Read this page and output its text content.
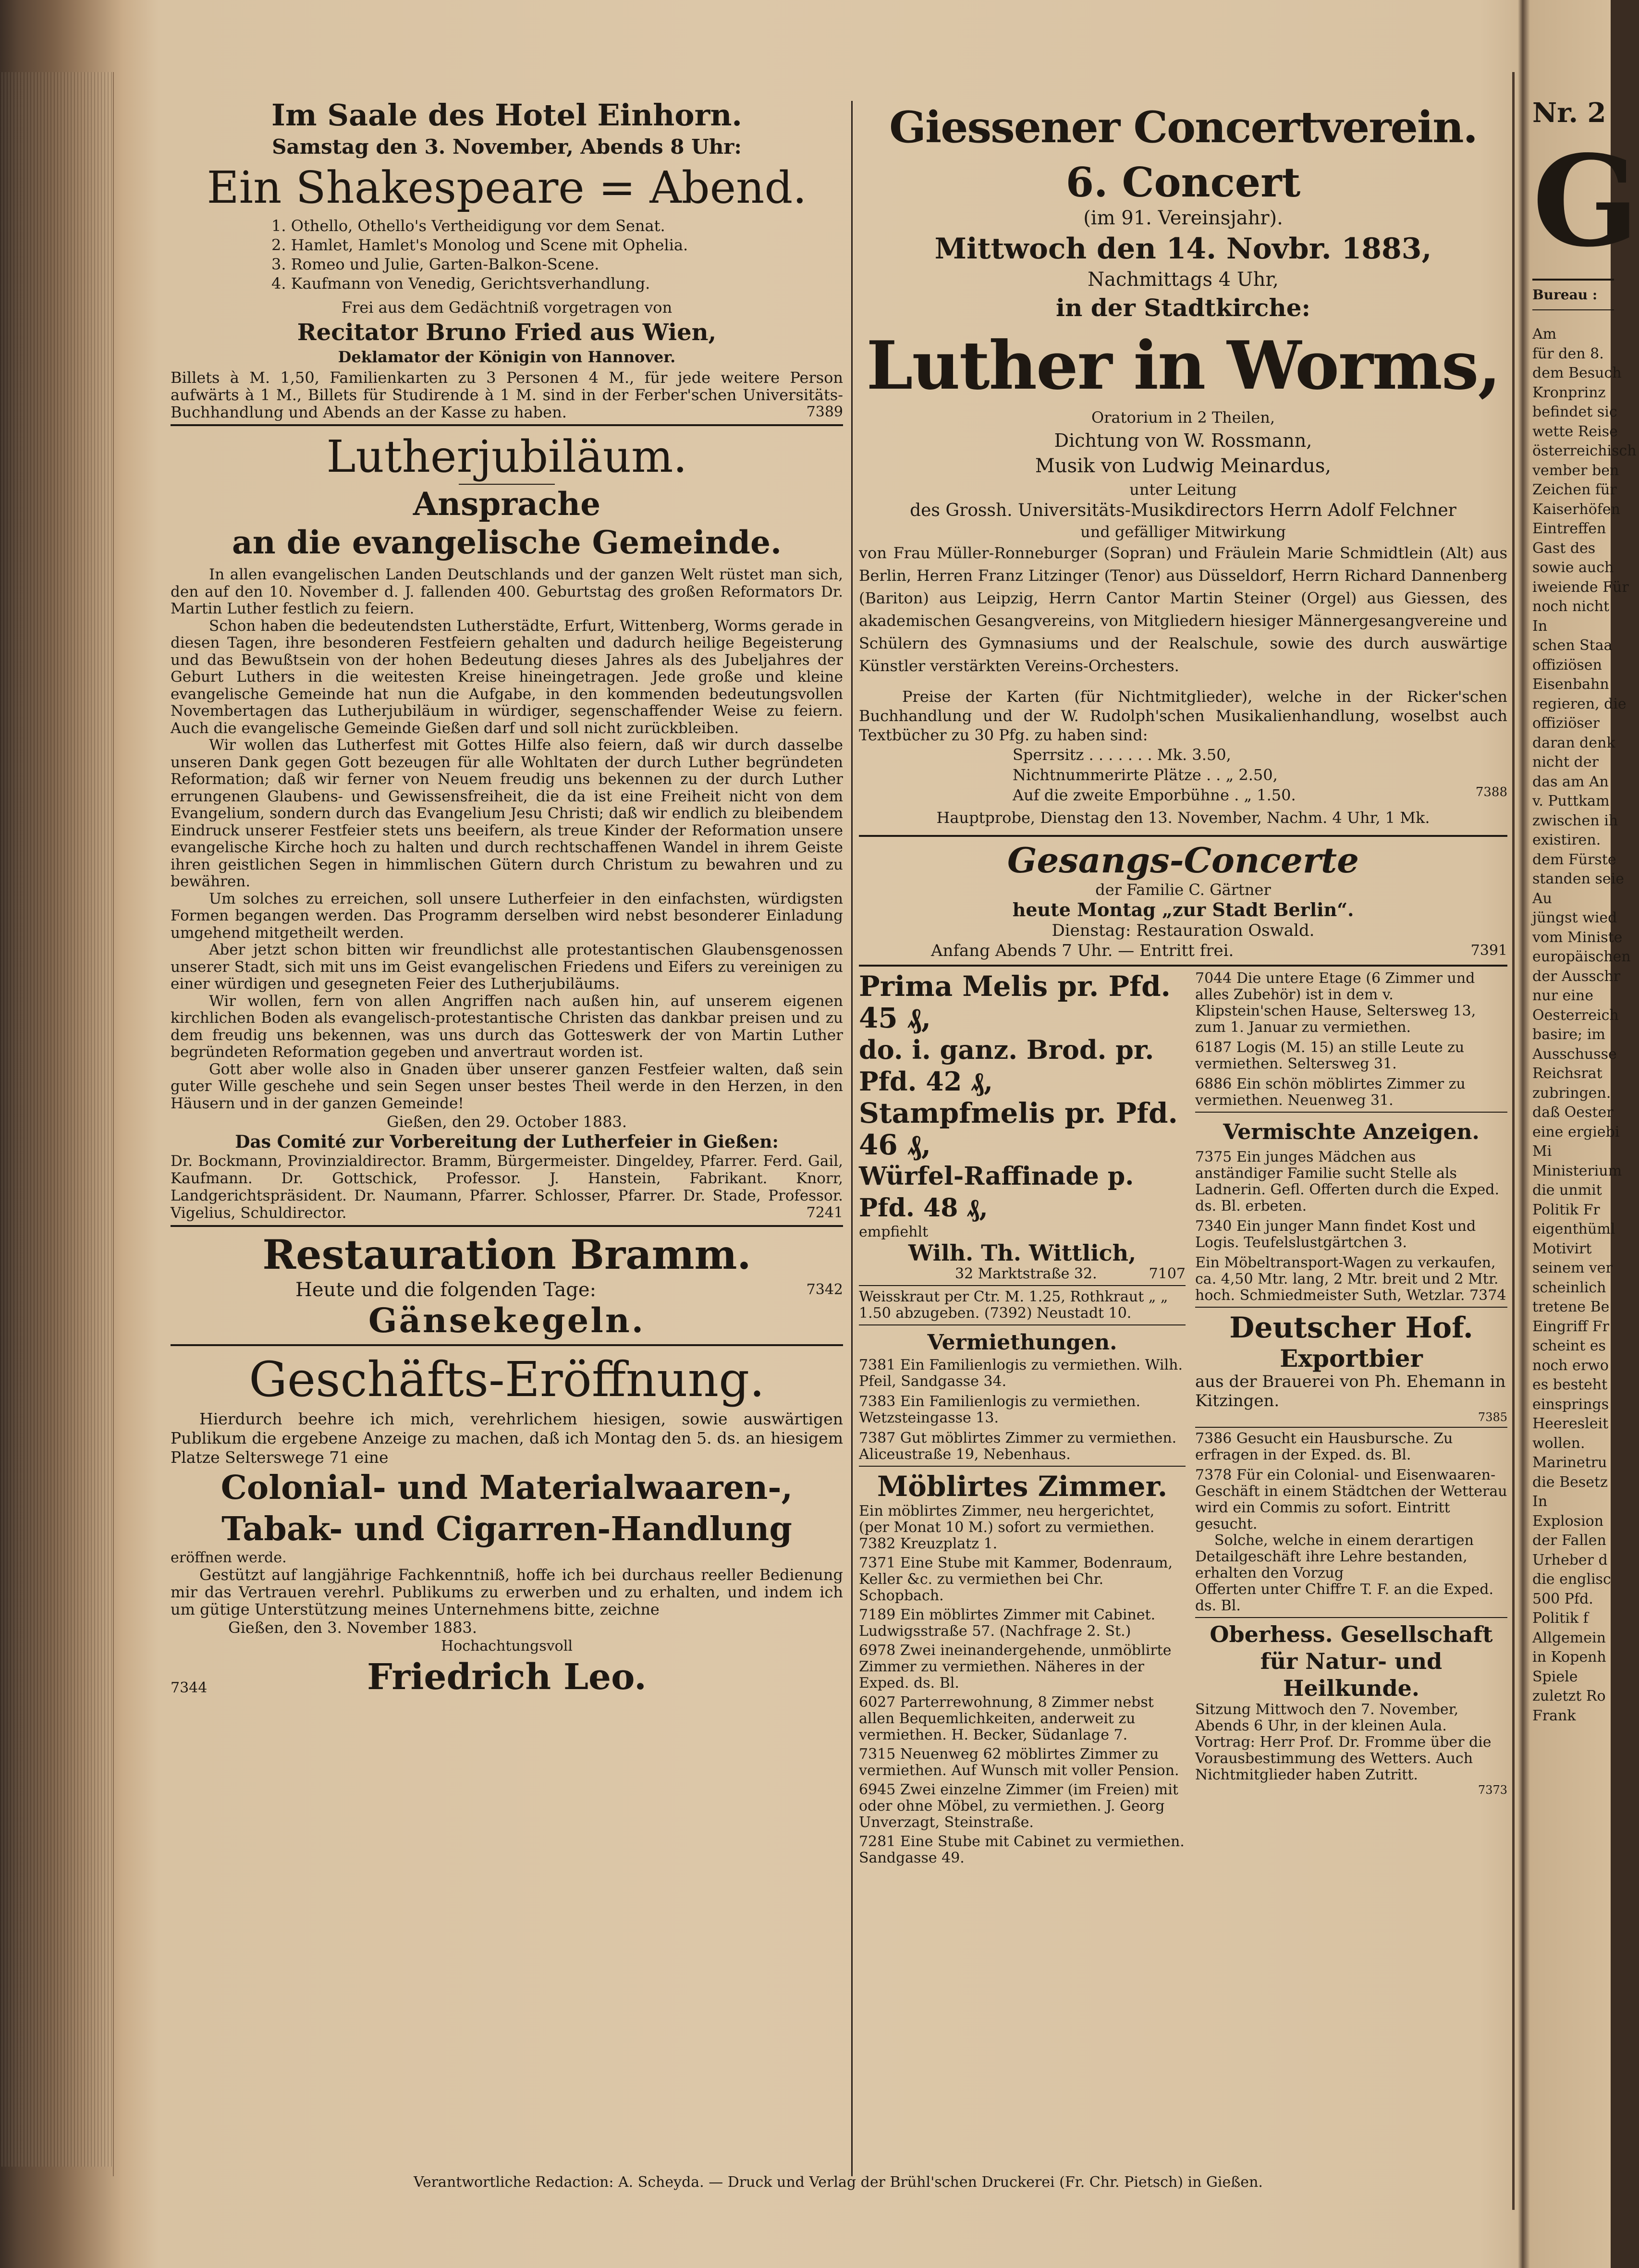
Im Saale des Hotel Einhorn.

Samstag den 3. November, Abends 8 Uhr:

Ein Shakespeare = Abend.

1. Othello, Othello's Vertheidigung vor dem Senat.

2. Hamlet, Hamlet's Monolog und Scene mit Ophelia.

3. Romeo und Julie, Garten-Balkon-Scene.

4. Kaufmann von Venedig, Gerichtsverhandlung.

Frei aus dem Gedächtniß vorgetragen von

Recitator Bruno Fried aus Wien,

Deklamator der Königin von Hannover.

Billets à M. 1,50, Familienkarten zu 3 Personen 4 M., für jede weitere Person aufwärts à 1 M., Billets für Studirende à 1 M. sind in der Ferber'schen Universitäts-Buchhandlung und Abends an der Kasse zu haben.	7389

Lutherjubiläum.

Ansprache

an die evangelische Gemeinde.

In allen evangelischen Landen Deutschlands und der ganzen Welt rüstet man sich, den auf den 10. November d. J. fallenden 400. Geburtstag des großen Reformators Dr. Martin Luther festlich zu feiern.

Schon haben die bedeutendsten Lutherstädte, Erfurt, Wittenberg, Worms gerade in diesen Tagen, ihre besonderen Festfeiern gehalten und dadurch heilige Begeisterung und das Bewußtsein von der hohen Bedeutung dieses Jahres als des Jubeljahres der Geburt Luthers in die weitesten Kreise hineingetragen. Jede große und kleine evangelische Gemeinde hat nun die Aufgabe, in den kommenden bedeutungsvollen Novembertagen das Lutherjubiläum in würdiger, segenschaffender Weise zu feiern. Auch die evangelische Gemeinde Gießen darf und soll nicht zurückbleiben.

Wir wollen das Lutherfest mit Gottes Hilfe also feiern, daß wir durch dasselbe unseren Dank gegen Gott bezeugen für alle Wohltaten der durch Luther begründeten Reformation; daß wir ferner von Neuem freudig uns bekennen zu der durch Luther errungenen Glaubens- und Gewissensfreiheit, die da ist eine Freiheit nicht von dem Evangelium, sondern durch das Evangelium Jesu Christi; daß wir endlich zu bleibendem Eindruck unserer Festfeier stets uns beeifern, als treue Kinder der Reformation unsere evangelische Kirche hoch zu halten und durch rechtschaffenen Wandel in ihrem Geiste ihren geistlichen Segen in himmlischen Gütern durch Christum zu bewahren und zu bewähren.

Um solches zu erreichen, soll unsere Lutherfeier in den einfachsten, würdigsten Formen begangen werden. Das Programm derselben wird nebst besonderer Einladung umgehend mitgetheilt werden.

Aber jetzt schon bitten wir freundlichst alle protestantischen Glaubensgenossen unserer Stadt, sich mit uns im Geist evangelischen Friedens und Eifers zu vereinigen zu einer würdigen und gesegneten Feier des Lutherjubiläums.

Wir wollen, fern von allen Angriffen nach außen hin, auf unserem eigenen kirchlichen Boden als evangelisch-protestantische Christen das dankbar preisen und zu dem freudig uns bekennen, was uns durch das Gotteswerk der von Martin Luther begründeten Reformation gegeben und anvertraut worden ist.

Gott aber wolle also in Gnaden über unserer ganzen Festfeier walten, daß sein guter Wille geschehe und sein Segen unser bestes Theil werde in den Herzen, in den Häusern und in der ganzen Gemeinde!

Gießen, den 29. October 1883.

Das Comité zur Vorbereitung der Lutherfeier in Gießen:

Dr. Bockmann, Provinzialdirector. Bramm, Bürgermeister. Dingeldey, Pfarrer. Ferd. Gail, Kaufmann. Dr. Gottschick, Professor. J. Hanstein, Fabrikant. Knorr, Landgerichtspräsident. Dr. Naumann, Pfarrer. Schlosser, Pfarrer. Dr. Stade, Professor. Vigelius, Schuldirector.	7241

Restauration Bramm.

Heute und die folgenden Tage:	7342

Gänsekegeln.

Geschäfts-Eröffnung.

Hierdurch beehre ich mich, verehrlichem hiesigen, sowie auswärtigen Publikum die ergebene Anzeige zu machen, daß ich Montag den 5. ds. an hiesigem Platze Selterswege 71 eine

Colonial- und Materialwaaren-,

Tabak- und Cigarren-Handlung

eröffnen werde.

Gestützt auf langjährige Fachkenntniß, hoffe ich bei durchaus reeller Bedienung mir das Vertrauen verehrl. Publikums zu erwerben und zu erhalten, und indem ich um gütige Unterstützung meines Unternehmens bitte, zeichne

Gießen, den 3. November 1883.

Hochachtungsvoll

Friedrich Leo.

7344

Giessener Concertverein.

6. Concert

(im 91. Vereinsjahr).

Mittwoch den 14. Novbr. 1883,

Nachmittags 4 Uhr,

in der Stadtkirche:

Luther in Worms,

Oratorium in 2 Theilen,

Dichtung von W. Rossmann,

Musik von Ludwig Meinardus,

unter Leitung

des Grossh. Universitäts-Musikdirectors Herrn Adolf Felchner

und gefälliger Mitwirkung

von Frau Müller-Ronneburger (Sopran) und Fräulein Marie Schmidtlein (Alt) aus Berlin, Herren Franz Litzinger (Tenor) aus Düsseldorf, Herrn Richard Dannenberg (Bariton) aus Leipzig, Herrn Cantor Martin Steiner (Orgel) aus Giessen, des akademischen Gesangvereins, von Mitgliedern hiesiger Männergesangvereine und Schülern des Gymnasiums und der Realschule, sowie des durch auswärtige Künstler verstärkten Vereins-Orchesters.

Preise der Karten (für Nichtmitglieder), welche in der Ricker'schen Buchhandlung und der W. Rudolph'schen Musikalienhandlung, woselbst auch Textbücher zu 30 Pfg. zu haben sind:

Sperrsitz . . . . . . . Mk. 3.50,

Nichtnummerirte Plätze . . „ 2.50,

Auf die zweite Emporbühne . „ 1.50.	7388

Hauptprobe, Dienstag den 13. November, Nachm. 4 Uhr, 1 Mk.

Gesangs-Concerte

der Familie C. Gärtner

heute Montag „zur Stadt Berlin“.

Dienstag: Restauration Oswald.

Anfang Abends 7 Uhr. — Entritt frei.	7391

Prima Melis pr. Pfd. 45 ₰,

do. i. ganz. Brod. pr. Pfd. 42 ₰,

Stampfmelis pr. Pfd. 46 ₰,

Würfel-Raffinade p. Pfd. 48 ₰,

empfiehlt

Wilh. Th. Wittlich,

32 Marktstraße 32.	7107

Weisskraut per Ctr. M. 1.25, Rothkraut „ „ 1.50 abzugeben. (7392) Neustadt 10.

Vermiethungen.

7381 Ein Familienlogis zu vermiethen. Wilh. Pfeil, Sandgasse 34.

7383 Ein Familienlogis zu vermiethen. Wetzsteingasse 13.

7387 Gut möblirtes Zimmer zu vermiethen. Aliceustraße 19, Nebenhaus.

Möblirtes Zimmer.

Ein möblirtes Zimmer, neu hergerichtet, (per Monat 10 M.) sofort zu vermiethen. 7382 Kreuzplatz 1.

7371 Eine Stube mit Kammer, Bodenraum, Keller &c. zu vermiethen bei Chr. Schopbach.

7189 Ein möblirtes Zimmer mit Cabinet. Ludwigsstraße 57. (Nachfrage 2. St.)

6978 Zwei ineinandergehende, unmöblirte Zimmer zu vermiethen. Näheres in der Exped. ds. Bl.

6027 Parterrewohnung, 8 Zimmer nebst allen Bequemlichkeiten, anderweit zu vermiethen. H. Becker, Südanlage 7.

7315 Neuenweg 62 möblirtes Zimmer zu vermiethen. Auf Wunsch mit voller Pension.

6945 Zwei einzelne Zimmer (im Freien) mit oder ohne Möbel, zu vermiethen. J. Georg Unverzagt, Steinstraße.

7281 Eine Stube mit Cabinet zu vermiethen. Sandgasse 49.

7044 Die untere Etage (6 Zimmer und alles Zubehör) ist in dem v. Klipstein'schen Hause, Seltersweg 13, zum 1. Januar zu vermiethen.

6187 Logis (M. 15) an stille Leute zu vermiethen. Seltersweg 31.

6886 Ein schön möblirtes Zimmer zu vermiethen. Neuenweg 31.

Vermischte Anzeigen.

7375 Ein junges Mädchen aus anständiger Familie sucht Stelle als Ladnerin. Gefl. Offerten durch die Exped. ds. Bl. erbeten.

7340 Ein junger Mann findet Kost und Logis. Teufelslustgärtchen 3.

Ein Möbeltransport-Wagen zu verkaufen, ca. 4,50 Mtr. lang, 2 Mtr. breit und 2 Mtr. hoch. Schmiedmeister Suth, Wetzlar. 7374

Deutscher Hof.

Exportbier

aus der Brauerei von Ph. Ehemann in Kitzingen.

7385

7386 Gesucht ein Hausbursche. Zu erfragen in der Exped. ds. Bl.

7378 Für ein Colonial- und Eisenwaaren-Geschäft in einem Städtchen der Wetterau wird ein Commis zu sofort. Eintritt gesucht.

Solche, welche in einem derartigen Detailgeschäft ihre Lehre bestanden, erhalten den Vorzug

Offerten unter Chiffre T. F. an die Exped. ds. Bl.

Oberhess. Gesellschaft für Natur- und Heilkunde.

Sitzung Mittwoch den 7. November, Abends 6 Uhr, in der kleinen Aula. Vortrag: Herr Prof. Dr. Fromme über die Vorausbestimmung des Wetters. Auch Nichtmitglieder haben Zutritt.

7373

Nr. 2

G

Bureau :

Am

für den 8.

dem Besuch

Kronprinz

befindet sic

wette Reise

österreichisch

vember ben

Zeichen für

Kaiserhöfen

Eintreffen

Gast des

sowie auch

iweiende Für

noch nicht

In

schen Staa

offiziösen

Eisenbahn

regieren, die

offiziöser

daran denk

nicht der

das am An

v. Puttkam

zwischen ih

existiren.

dem Fürste

standen seie

Au

jüngst wied

vom Ministe

europäischen

der Ausschr

nur eine

Oesterreich

basire; im

Ausschusse

Reichsrat

zubringen.

daß Oester

eine ergiebi

Mi

Ministerium

die unmit

Politik Fr

eigenthüml

Motivirt

seinem ver

scheinlich

tretene Be

Eingriff Fr

scheint es

noch erwo

es besteht

einsprings

Heeresleit

wollen.

Marinetru

die Besetz

In

Explosion

der Fallen

Urheber d

die englisc

500 Pfd.

Politik f

Allgemein

in Kopenh

Spiele

zuletzt Ro

Frank

Verantwortliche Redaction: A. Scheyda. — Druck und Verlag der Brühl'schen Druckerei (Fr. Chr. Pietsch) in Gießen.
